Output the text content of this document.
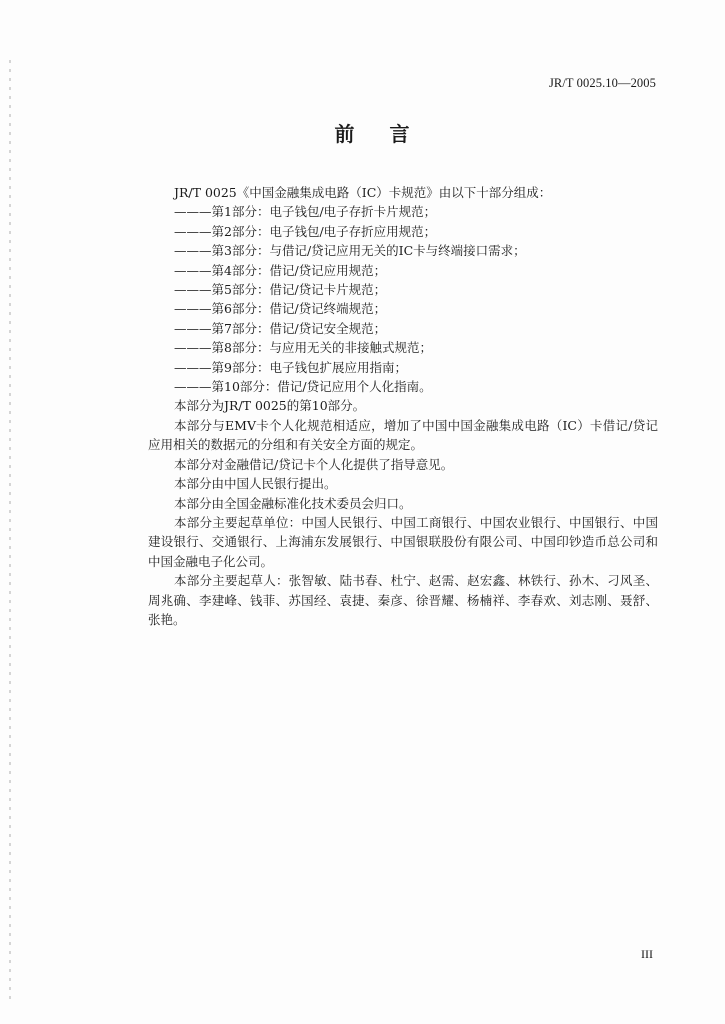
JR/T 0025.10—2005
前 言
JR/T 0025《中国金融集成电路（IC）卡规范》由以下十部分组成：
———第1部分：电子钱包/电子存折卡片规范；
———第2部分：电子钱包/电子存折应用规范；
———第3部分：与借记/贷记应用无关的IC卡与终端接口需求；
———第4部分：借记/贷记应用规范；
———第5部分：借记/贷记卡片规范；
———第6部分：借记/贷记终端规范；
———第7部分：借记/贷记安全规范；
———第8部分：与应用无关的非接触式规范；
———第9部分：电子钱包扩展应用指南；
———第10部分：借记/贷记应用个人化指南。
本部分为JR/T 0025的第10部分。
本部分与EMV卡个人化规范相适应，增加了中国中国金融集成电路（IC）卡借记/贷记应用相关的数据元的分组和有关安全方面的规定。
本部分对金融借记/贷记卡个人化提供了指导意见。
本部分由中国人民银行提出。
本部分由全国金融标准化技术委员会归口。
本部分主要起草单位：中国人民银行、中国工商银行、中国农业银行、中国银行、中国建设银行、交通银行、上海浦东发展银行、中国银联股份有限公司、中国印钞造币总公司和中国金融电子化公司。
本部分主要起草人：张智敏、陆书春、杜宁、赵需、赵宏鑫、林铁行、孙木、刁风圣、周兆确、李建峰、钱菲、苏国经、袁捷、秦彦、徐晋耀、杨楠祥、李春欢、刘志刚、聂舒、张艳。
III
